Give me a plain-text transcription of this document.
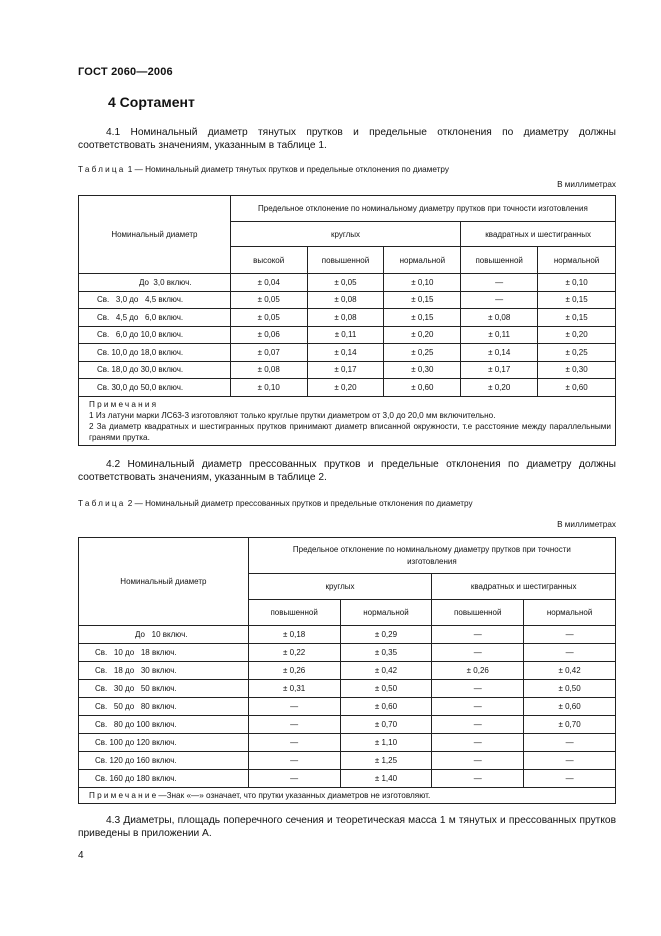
ГОСТ 2060—2006
4 Сортамент
4.1 Номинальный диаметр тянутых прутков и предельные отклонения по диаметру должны соответствовать значениям, указанным в таблице 1.
Таблица 1 — Номинальный диаметр тянутых прутков и предельные отклонения по диаметру
В миллиметрах
Номинальный диаметр	Предельное отклонение по номинальному диаметру прутков при точности изготовления				
	круглых			квадратных и шестигранных	
	высокой	повышенной	нормальной	повышенной	нормальной
До  3,0 включ.	± 0,04	± 0,05	± 0,10	—	± 0,10
Св.   3,0 до   4,5 включ.	± 0,05	± 0,08	± 0,15	—	± 0,15
Св.   4,5 до   6,0 включ.	± 0,05	± 0,08	± 0,15	± 0,08	± 0,15
Св.   6,0 до 10,0 включ.	± 0,06	± 0,11	± 0,20	± 0,11	± 0,20
Св. 10,0 до 18,0 включ.	± 0,07	± 0,14	± 0,25	± 0,14	± 0,25
Св. 18,0 до 30,0 включ.	± 0,08	± 0,17	± 0,30	± 0,17	± 0,30
Св. 30,0 до 50,0 включ.	± 0,10	± 0,20	± 0,60	± 0,20	± 0,60

Примечания
1 Из латуни марки ЛС63-3 изготовляют только круглые прутки диаметром от 3,0 до 20,0 мм включительно.
2 За диаметр квадратных и шестигранных прутков принимают диаметр вписанной окружности, т.е расстояние между параллельными гранями прутка.					
4.2 Номинальный диаметр прессованных прутков и предельные отклонения по диаметру должны соответствовать значениям, указанным в таблице 2.
Таблица 2 — Номинальный диаметр прессованных прутков и предельные отклонения по диаметру
В миллиметрах
Номинальный диаметр	Предельное отклонение по номинальному диаметру прутков при точности изготовления			
	круглых		квадратных и шестигранных	
	повышенной	нормальной	повышенной	нормальной
До   10 включ.	± 0,18	± 0,29	—	—
Св.   10 до   18 включ.	± 0,22	± 0,35	—	—
Св.   18 до   30 включ.	± 0,26	± 0,42	± 0,26	± 0,42
Св.   30 до   50 включ.	± 0,31	± 0,50	—	± 0,50
Св.   50 до   80 включ.	—	± 0,60	—	± 0,60
Св.   80 до 100 включ.	—	± 0,70	—	± 0,70
Св. 100 до 120 включ.	—	± 1,10	—	—
Св. 120 до 160 включ.	—	± 1,25	—	—
Св. 160 до 180 включ.	—	± 1,40	—	—
Примечание—Знак «—» означает, что прутки указанных диаметров не изготовляют.				
4.3 Диаметры, площадь поперечного сечения и теоретическая масса 1 м тянутых и прессованных прутков приведены в приложении А.
4
